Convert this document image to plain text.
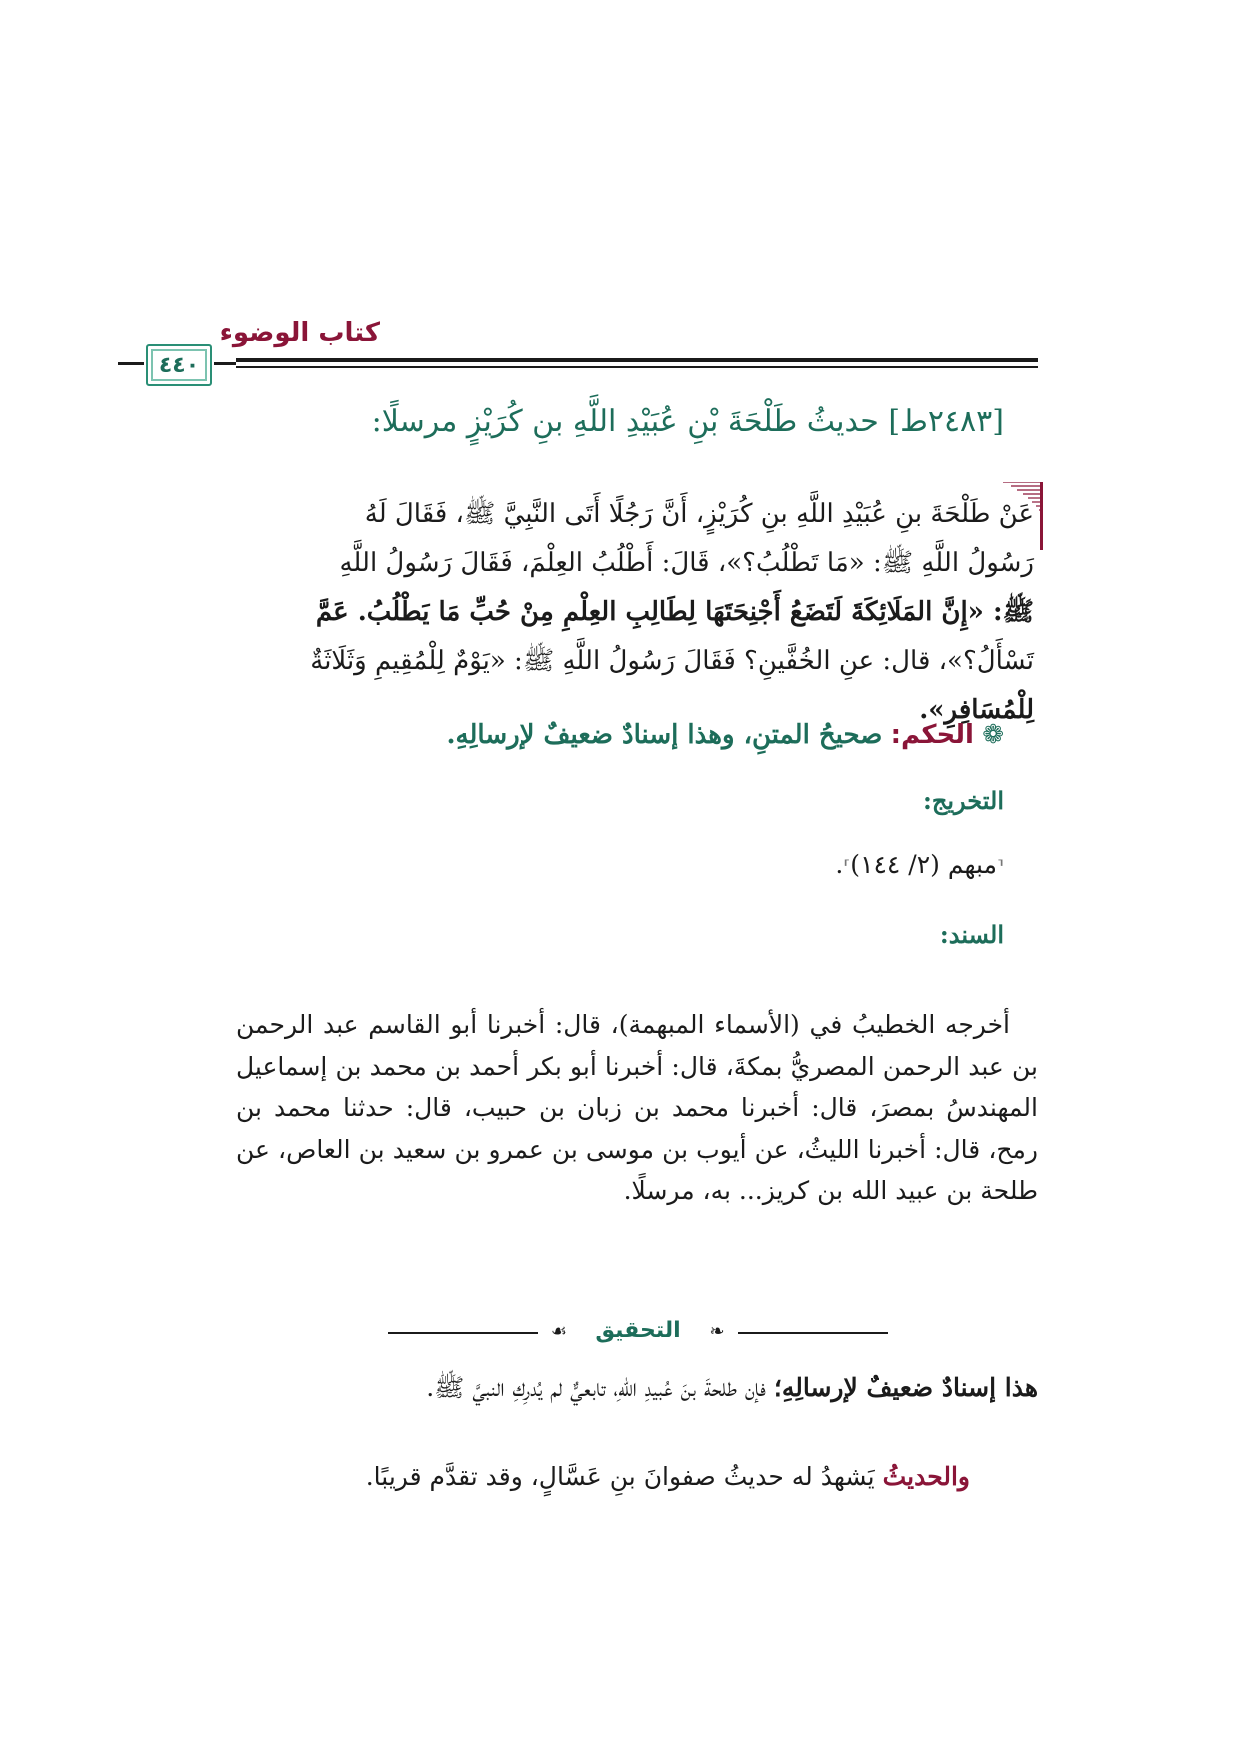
كتاب الوضوء
٤٤٠
[٢٤٨٣ط] حديثُ طَلْحَةَ بْنِ عُبَيْدِ اللَّهِ بنِ كُرَيْزٍ مرسلًا:
عَنْ طَلْحَةَ بنِ عُبَيْدِ اللَّهِ بنِ كُرَيْزٍ، أَنَّ رَجُلًا أَتَى النَّبِيَّ ﷺ، فَقَالَ لَهُ
رَسُولُ اللَّهِ ﷺ: «مَا تَطْلُبُ؟»، قَالَ: أَطْلُبُ العِلْمَ، فَقَالَ رَسُولُ اللَّهِ
ﷺ: «إِنَّ المَلَائِكَةَ لَتَضَعُ أَجْنِحَتَهَا لِطَالِبِ العِلْمِ مِنْ حُبِّ مَا يَطْلُبُ. عَمَّ
تَسْأَلُ؟»، قال: عنِ الخُفَّينِ؟ فَقَالَ رَسُولُ اللَّهِ ﷺ: «يَوْمٌ لِلْمُقِيمِ وَثَلَاثَةٌ
لِلْمُسَافِرِ».
❁ الحكم: صحيحُ المتنِ، وهذا إسنادٌ ضعيفٌ لإرسالِهِ.
التخريج:
⸢مبهم (٢/ ١٤٤)⸣.
السند:

أخرجه الخطيبُ في (الأسماء المبهمة)، قال: أخبرنا أبو القاسم عبد الرحمن بن عبد الرحمن المصريُّ بمكةَ، قال: أخبرنا أبو بكر أحمد بن محمد بن إسماعيل المهندسُ بمصرَ، قال: أخبرنا محمد بن زبان بن حبيب، قال: حدثنا محمد بن رمح، قال: أخبرنا الليثُ، عن أيوب بن موسى بن عمرو بن سعيد بن العاص، عن طلحة بن عبيد الله بن كريز... به، مرسلًا.

❧
التحقيق
☙

هذا إسنادٌ ضعيفٌ لإرسالِهِ؛ فإن طلحةَ بنَ عُبيدِ اللهِ، تابعيٌّ لم يُدرِكِ النبيَّ ﷺ.

والحديثُ يَشهدُ له حديثُ صفوانَ بنِ عَسَّالٍ، وقد تقدَّم قريبًا.
